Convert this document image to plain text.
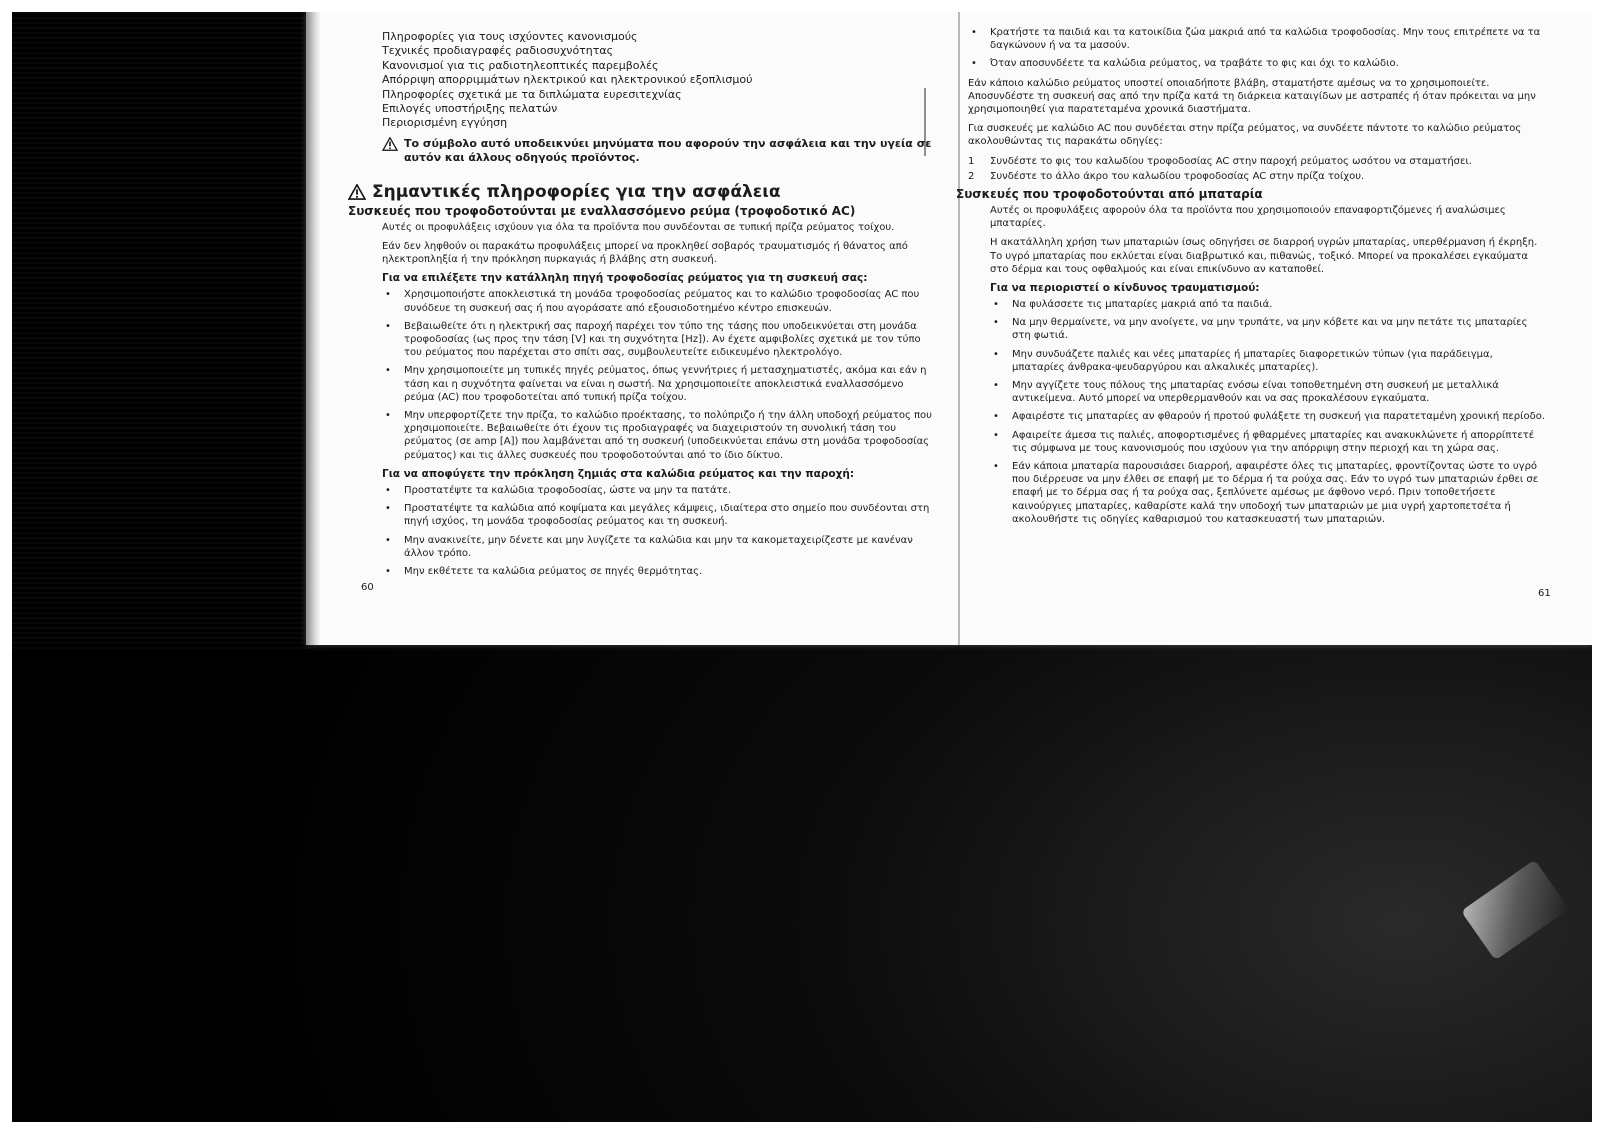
Πληροφορίες για τους ισχύοντες κανονισμούς
Τεχνικές προδιαγραφές ραδιοσυχνότητας
Κανονισμοί για τις ραδιοτηλεοπτικές παρεμβολές
Απόρριψη απορριμμάτων ηλεκτρικού και ηλεκτρονικού εξοπλισμού
Πληροφορίες σχετικά με τα διπλώματα ευρεσιτεχνίας
Επιλογές υποστήριξης πελατών
Περιορισμένη εγγύηση
Το σύμβολο αυτό υποδεικνύει μηνύματα που αφορούν την ασφάλεια και την υγεία σε αυτόν και άλλους οδηγούς προϊόντος.
Σημαντικές πληροφορίες για την ασφάλεια
Συσκευές που τροφοδοτούνται με εναλλασσόμενο ρεύμα (τροφοδοτικό AC)

Αυτές οι προφυλάξεις ισχύουν για όλα τα προϊόντα που συνδέονται σε τυπική πρίζα ρεύματος τοίχου.

Εάν δεν ληφθούν οι παρακάτω προφυλάξεις μπορεί να προκληθεί σοβαρός τραυματισμός ή θάνατος από ηλεκτροπληξία ή την πρόκληση πυρκαγιάς ή βλάβης στη συσκευή.

Για να επιλέξετε την κατάλληλη πηγή τροφοδοσίας ρεύματος για τη συσκευή σας:
• Χρησιμοποιήστε αποκλειστικά τη μονάδα τροφοδοσίας ρεύματος και το καλώδιο τροφοδοσίας AC που συνόδευε τη συσκευή σας ή που αγοράσατε από εξουσιοδοτημένο κέντρο επισκευών.
• Βεβαιωθείτε ότι η ηλεκτρική σας παροχή παρέχει τον τύπο της τάσης που υποδεικνύεται στη μονάδα τροφοδοσίας (ως προς την τάση [V] και τη συχνότητα [Hz]). Αν έχετε αμφιβολίες σχετικά με τον τύπο του ρεύματος που παρέχεται στο σπίτι σας, συμβουλευτείτε ειδικευμένο ηλεκτρολόγο.
• Μην χρησιμοποιείτε μη τυπικές πηγές ρεύματος, όπως γεννήτριες ή μετασχηματιστές, ακόμα και εάν η τάση και η συχνότητα φαίνεται να είναι η σωστή. Να χρησιμοποιείτε αποκλειστικά εναλλασσόμενο ρεύμα (AC) που τροφοδοτείται από τυπική πρίζα τοίχου.
• Μην υπερφορτίζετε την πρίζα, το καλώδιο προέκτασης, το πολύπριζο ή την άλλη υποδοχή ρεύματος που χρησιμοποιείτε. Βεβαιωθείτε ότι έχουν τις προδιαγραφές να διαχειριστούν τη συνολική τάση του ρεύματος (σε amp [A]) που λαμβάνεται από τη συσκευή (υποδεικνύεται επάνω στη μονάδα τροφοδοσίας ρεύματος) και τις άλλες συσκευές που τροφοδοτούνται από το ίδιο δίκτυο.
Για να αποφύγετε την πρόκληση ζημιάς στα καλώδια ρεύματος και την παροχή:
• Προστατέψτε τα καλώδια τροφοδοσίας, ώστε να μην τα πατάτε.
• Προστατέψτε τα καλώδια από κοψίματα και μεγάλες κάμψεις, ιδιαίτερα στο σημείο που συνδέονται στη πηγή ισχύος, τη μονάδα τροφοδοσίας ρεύματος και τη συσκευή.
• Μην ανακινείτε, μην δένετε και μην λυγίζετε τα καλώδια και μην τα κακομεταχειρίζεστε με κανέναν άλλον τρόπο.
• Μην εκθέτετε τα καλώδια ρεύματος σε πηγές θερμότητας.
60
• Κρατήστε τα παιδιά και τα κατοικίδια ζώα μακριά από τα καλώδια τροφοδοσίας. Μην τους επιτρέπετε να τα δαγκώνουν ή να τα μασούν.
• Όταν αποσυνδέετε τα καλώδια ρεύματος, να τραβάτε το φις και όχι το καλώδιο.

Εάν κάποιο καλώδιο ρεύματος υποστεί οποιαδήποτε βλάβη, σταματήστε αμέσως να το χρησιμοποιείτε. Αποσυνδέστε τη συσκευή σας από την πρίζα κατά τη διάρκεια καταιγίδων με αστραπές ή όταν πρόκειται να μην χρησιμοποιηθεί για παρατεταμένα χρονικά διαστήματα.

Για συσκευές με καλώδιο AC που συνδέεται στην πρίζα ρεύματος, να συνδέετε πάντοτε το καλώδιο ρεύματος ακολουθώντας τις παρακάτω οδηγίες:

1	Συνδέστε το φις του καλωδίου τροφοδοσίας AC στην παροχή ρεύματος ωσότου να σταματήσει.
2	Συνδέστε το άλλο άκρο του καλωδίου τροφοδοσίας AC στην πρίζα τοίχου.
Συσκευές που τροφοδοτούνται από μπαταρία

Αυτές οι προφυλάξεις αφορούν όλα τα προϊόντα που χρησιμοποιούν επαναφορτιζόμενες ή αναλώσιμες μπαταρίες.

Η ακατάλληλη χρήση των μπαταριών ίσως οδηγήσει σε διαρροή υγρών μπαταρίας, υπερθέρμανση ή έκρηξη. Το υγρό μπαταρίας που εκλύεται είναι διαβρωτικό και, πιθανώς, τοξικό. Μπορεί να προκαλέσει εγκαύματα στο δέρμα και τους οφθαλμούς και είναι επικίνδυνο αν καταποθεί.

Για να περιοριστεί ο κίνδυνος τραυματισμού:
• Να φυλάσσετε τις μπαταρίες μακριά από τα παιδιά.
• Να μην θερμαίνετε, να μην ανοίγετε, να μην τρυπάτε, να μην κόβετε και να μην πετάτε τις μπαταρίες στη φωτιά.
• Μην συνδυάζετε παλιές και νέες μπαταρίες ή μπαταρίες διαφορετικών τύπων (για παράδειγμα, μπαταρίες άνθρακα-ψευδαργύρου και αλκαλικές μπαταρίες).
• Μην αγγίζετε τους πόλους της μπαταρίας ενόσω είναι τοποθετημένη στη συσκευή με μεταλλικά αντικείμενα. Αυτό μπορεί να υπερθερμανθούν και να σας προκαλέσουν εγκαύματα.
• Αφαιρέστε τις μπαταρίες αν φθαρούν ή προτού φυλάξετε τη συσκευή για παρατεταμένη χρονική περίοδο.
• Αφαιρείτε άμεσα τις παλιές, αποφορτισμένες ή φθαρμένες μπαταρίες και ανακυκλώνετε ή απορρίπτετέ τις σύμφωνα με τους κανονισμούς που ισχύουν για την απόρριψη στην περιοχή και τη χώρα σας.
• Εάν κάποια μπαταρία παρουσιάσει διαρροή, αφαιρέστε όλες τις μπαταρίες, φροντίζοντας ώστε το υγρό που διέρρευσε να μην έλθει σε επαφή με το δέρμα ή τα ρούχα σας. Εάν το υγρό των μπαταριών έρθει σε επαφή με το δέρμα σας ή τα ρούχα σας, ξεπλύνετε αμέσως με άφθονο νερό. Πριν τοποθετήσετε καινούργιες μπαταρίες, καθαρίστε καλά την υποδοχή των μπαταριών με μια υγρή χαρτοπετσέτα ή ακολουθήστε τις οδηγίες καθαρισμού του κατασκευαστή των μπαταριών.
61
